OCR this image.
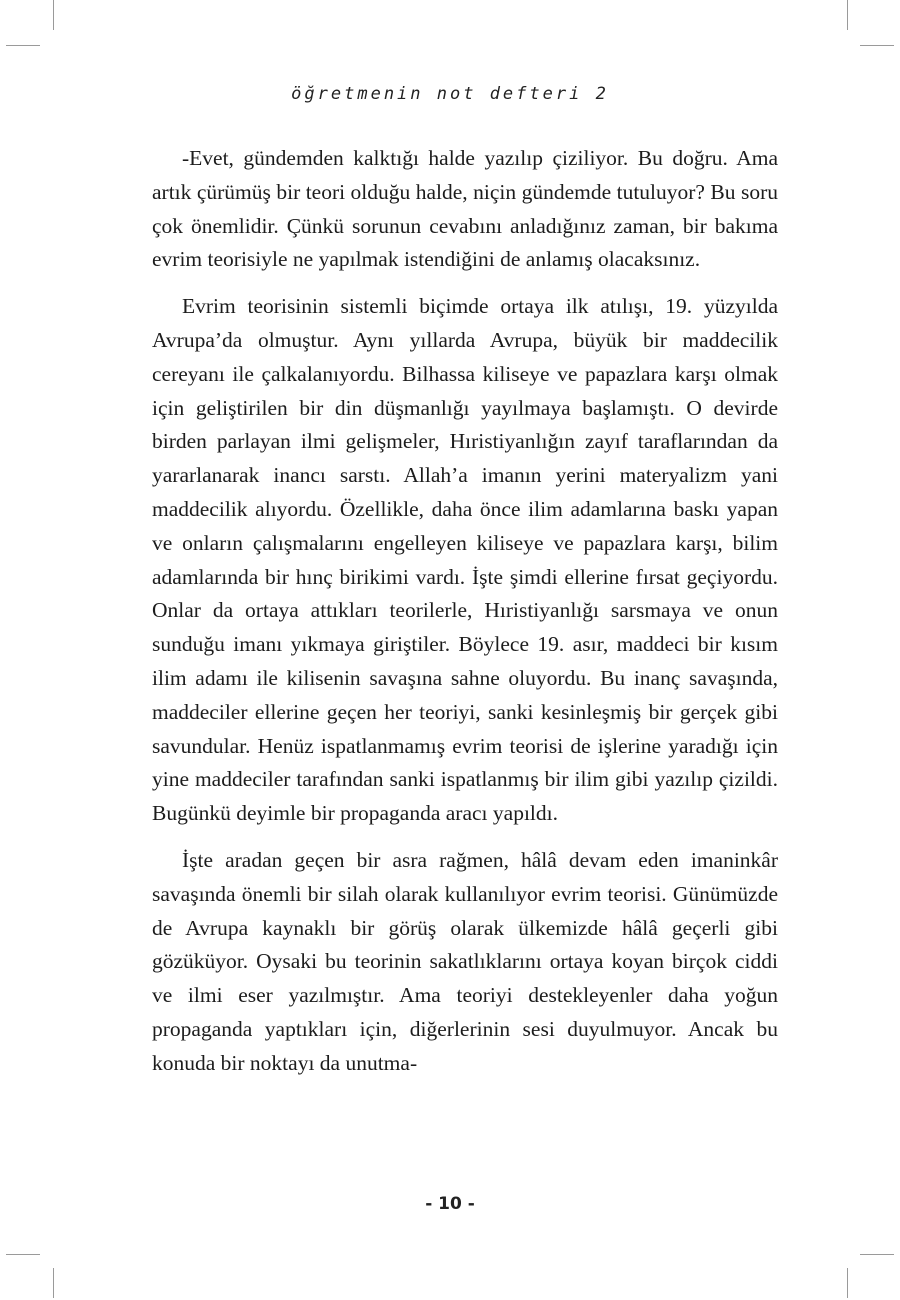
öğretmenin not defteri 2

-Evet, gündemden kalktığı halde yazılıp çiziliyor. Bu doğru. Ama artık çürümüş bir teori olduğu halde, niçin gündemde tutuluyor? Bu soru çok önemlidir. Çünkü sorunun cevabını anladığınız zaman, bir bakıma evrim teorisiyle ne yapılmak istendiğini de anlamış olacaksınız.

Evrim teorisinin sistemli biçimde ortaya ilk atılışı, 19. yüzyılda Avrupa’da olmuştur. Aynı yıllarda Avrupa, büyük bir maddecilik cereyanı ile çalkalanıyordu. Bilhassa kiliseye ve papazlara karşı olmak için geliştirilen bir din düşmanlığı yayılmaya başlamıştı. O devirde birden parlayan ilmi gelişmeler, Hıristiyanlığın zayıf taraflarından da yararlanarak inancı sarstı. Allah’a imanın yerini materyalizm yani maddecilik alıyordu. Özellikle, daha önce ilim adamlarına baskı yapan ve onların çalışmalarını engelleyen kiliseye ve papazlara karşı, bilim adamlarında bir hınç birikimi vardı. İşte şimdi ellerine fırsat geçiyordu. Onlar da ortaya attıkları teorilerle, Hıristiyanlığı sarsmaya ve onun sunduğu imanı yıkmaya giriştiler. Böylece 19. asır, maddeci bir kısım ilim adamı ile kilisenin savaşına sahne oluyordu. Bu inanç savaşında, maddeciler ellerine geçen her teoriyi, sanki kesinleşmiş bir gerçek gibi savundular. Henüz ispatlanmamış evrim teorisi de işlerine yaradığı için yine maddeciler tarafından sanki ispatlanmış bir ilim gibi yazılıp çizildi. Bugünkü deyimle bir propaganda aracı yapıldı.

İşte aradan geçen bir asra rağmen, hâlâ devam eden imaninkâr savaşında önemli bir silah olarak kullanılıyor evrim teorisi. Günümüzde de Avrupa kaynaklı bir görüş olarak ülkemizde hâlâ geçerli gibi gözüküyor. Oysaki bu teorinin sakatlıklarını ortaya koyan birçok ciddi ve ilmi eser yazılmıştır. Ama teoriyi destekleyenler daha yoğun propaganda yaptıkları için, diğerlerinin sesi duyulmuyor. Ancak bu konuda bir noktayı da unutma-

- 10 -
